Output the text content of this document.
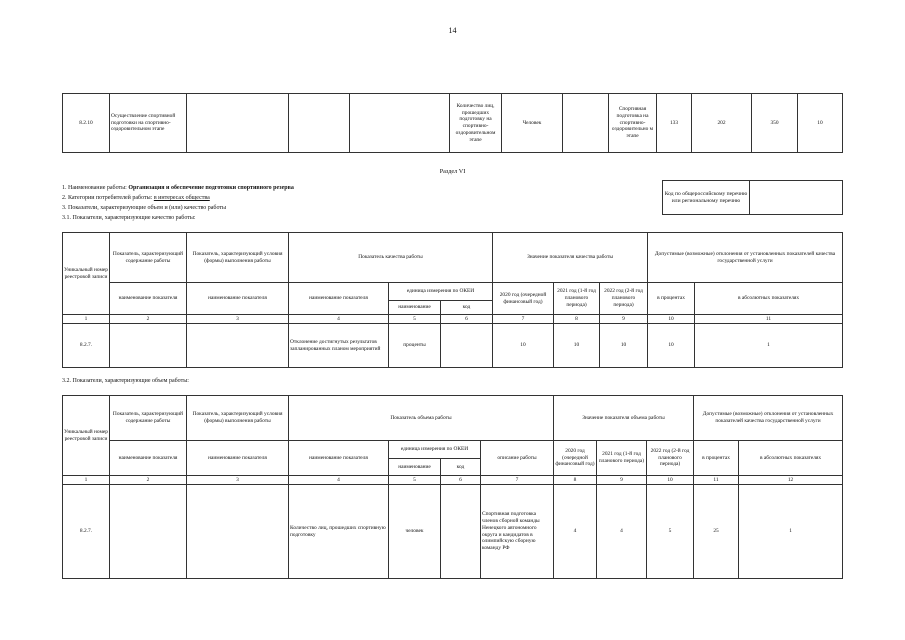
14
8.2.10	Осуществление спортивной подготовки на спортивно-оздоровительном этапе				Количество лиц, прошедших подготовку на спортивно-оздоровительном этапе	Человек		Спортивная подготовка на спортивно-оздоровительно м этапе	133	202	350	10
Раздел VI
1. Наименование работы: Организация и обеспечение подготовки спортивного резерва
2. Категории потребителей работы: в интересах общества
3. Показатели, характеризующие объем и (или) качество работы
3.1. Показатели, характеризующие качество работы:
Код по общероссийскому перечню или региональному перечню	
Уникальный номер реестровой записи	Показатель, характеризующий содержание работы	Показатель, характеризующий условия (формы) выполнения работы	Показатель качества работы			Значение показателя качества работы			Допустимые (возможные) отклонения от установленных показателей качества государственной услуги	
	наименование показателя	наименование показателя	наименование показателя	единица измерения по ОКЕИ		2020 год (очередной финансовый год)	2021 год (1-й год планового периода)	2022 год (2-й год планового периода)	в процентах	в абсолютных показателях
				наименование	код					
1	2	3	4	5	6	7	8	9	10	11
8.2.7.			Отклонение достигнутых результатов запланированных планом мероприятий	проценты		10	10	10	10	1
3.2. Показатели, характеризующие объем работы:
Уникальный номер реестровой записи	Показатель, характеризующий содержание работы	Показатель, характеризующий условия (формы) выполнения работы	Показатель объема работы				Значение показателя объема работы			Допустимые (возможные) отклонения от установленных показателей качества государственной услуги	
	наименование показателя	наименование показателя	наименование показателя	единица измерения по ОКЕИ		описание работы	2020 год (очередной финансовый год)	2021 год (1-й год планового периода)	2022 год (2-й год планового периода)	в процентах	в абсолютных показателях
				наименование	код						
1	2	3	4	5	6	7	8	9	10	11	12
8.2.7.			Количество лиц, прошедших спортивную подготовку	человек		Спортивная подготовка членов сборной команды Ненецкого автономного округа и кандидатов в олимпийскую сборную команду РФ	4	4	5	25	1
